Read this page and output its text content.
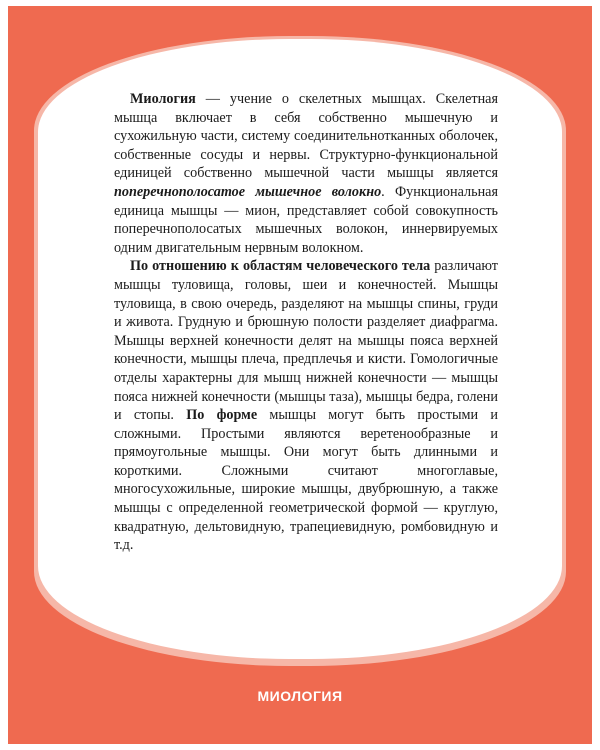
МИОЛОГИЯ

Миология — учение о скелетных мышцах. Скелетная мышца включает в себя собственно мышечную и сухожильную части, систему соединительнотканных оболочек, собственные сосуды и нервы. Структурно-функциональной единицей собственно мышечной части мышцы является поперечнополосатое мышечное волокно. Функциональная единица мышцы — мион, представляет собой совокупность поперечнополосатых мышечных волокон, иннервируемых одним двигательным нервным волокном.

По отношению к областям человеческого тела различают мышцы туловища, головы, шеи и конечностей. Мышцы туловища, в свою очередь, разделяют на мышцы спины, груди и живота. Грудную и брюшную полости разделяет диафрагма. Мышцы верхней конечности делят на мышцы пояса верхней конечности, мышцы плеча, предплечья и кисти. Гомологичные отделы характерны для мышц нижней конечности — мышцы пояса нижней конечности (мышцы таза), мышцы бедра, голени и стопы. По форме мышцы могут быть простыми и сложными. Простыми являются веретенообразные и прямоугольные мышцы. Они могут быть длинными и короткими. Сложными считают многоглавые, многосухожильные, широкие мышцы, двубрюшную, а также мышцы с определенной геометрической формой — круглую, квадратную, дельтовидную, трапециевидную, ромбовидную и т.д.
